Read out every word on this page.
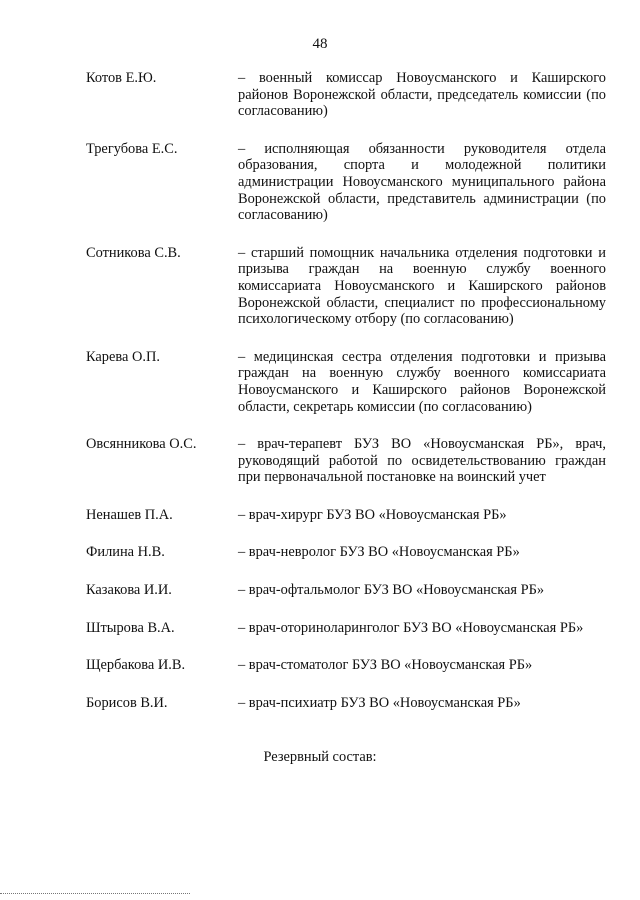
48
Котов Е.Ю.	– военный комиссар Новоусманского и Каширского районов Воронежской области, председатель комиссии (по согласованию)
Трегубова Е.С.	– исполняющая обязанности руководителя отдела образования, спорта и молодежной политики администрации Новоусманского муниципального района Воронежской области, представитель администрации (по согласованию)
Сотникова С.В.	– старший помощник начальника отделения подготовки и призыва граждан на военную службу военного комиссариата Новоусманского и Каширского районов Воронежской области, специалист по профессиональному психологическому отбору (по согласованию)
Карева О.П.	– медицинская сестра отделения подготовки и призыва граждан на военную службу военного комиссариата Новоусманского и Каширского районов Воронежской области, секретарь комиссии (по согласованию)
Овсянникова О.С.	– врач-терапевт БУЗ ВО «Новоусманская РБ», врач, руководящий работой по освидетельствованию граждан при первоначальной постановке на воинский учет
Ненашев П.А.	– врач-хирург БУЗ ВО «Новоусманская РБ»
Филина Н.В.	– врач-невролог БУЗ ВО «Новоусманская РБ»
Казакова И.И.	– врач-офтальмолог БУЗ ВО «Новоусманская РБ»
Штырова В.А.	– врач-оториноларинголог БУЗ ВО «Новоусманская РБ»
Щербакова И.В.	– врач-стоматолог БУЗ ВО «Новоусманская РБ»
Борисов В.И.	– врач-психиатр БУЗ ВО «Новоусманская РБ»
Резервный состав:
